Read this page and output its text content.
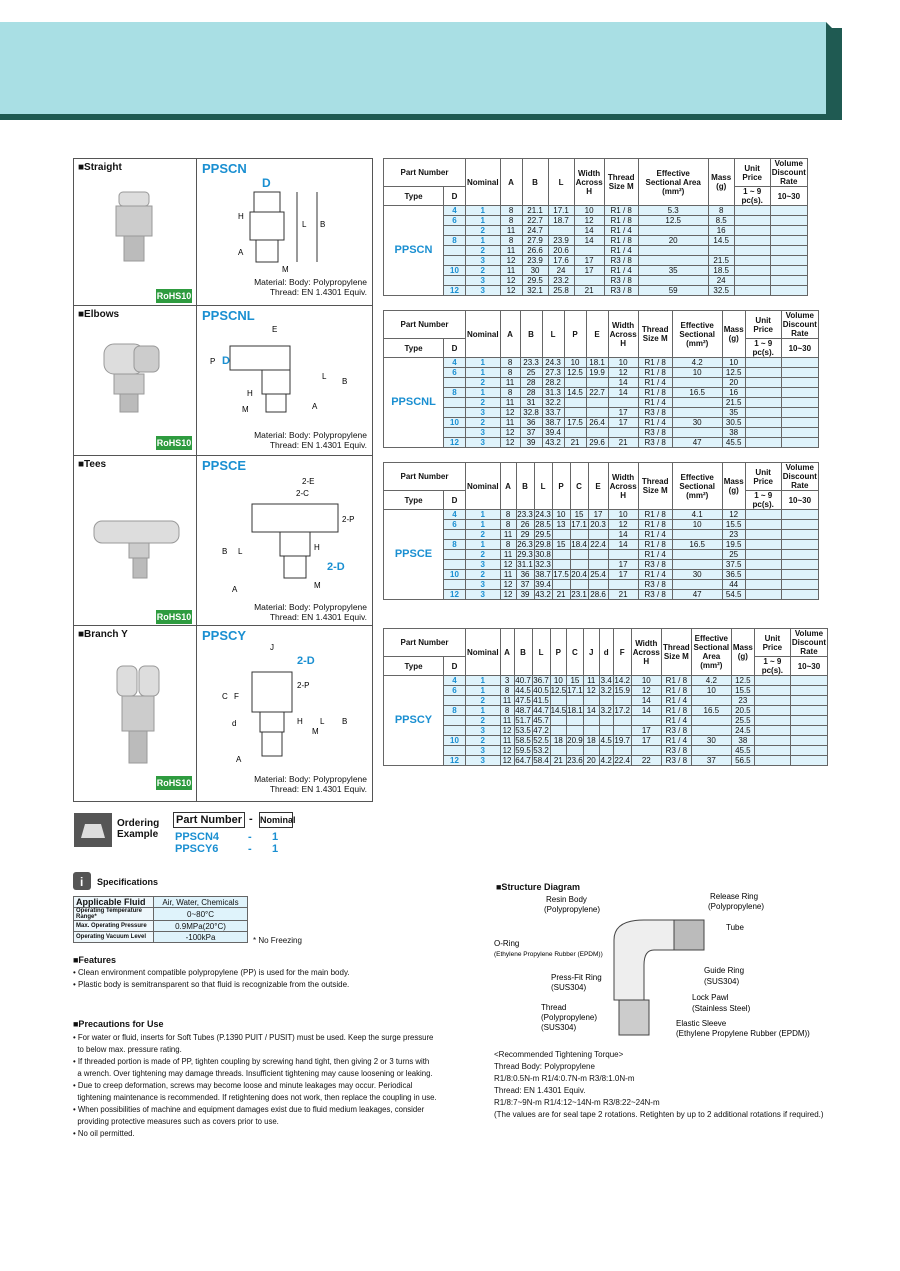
■Straight	PPSCN
D
L B
H
A
M
Material: Body: Polypropylene
Thread: EN 1.4301 Equiv.
RoHS10
■Elbows	PPSCNL
E
P D
L
B
H
A
M
Material: Body: Polypropylene
Thread: EN 1.4301 Equiv.
RoHS10
■Tees	PPSCE
2-E
2-C
2-P
B L	H
2-D
A	M
Material: Body: Polypropylene
Thread: EN 1.4301 Equiv.
RoHS10
■Branch Y	PPSCY
J
2-D
2-P
C F
d	H
M
L B
A
Material: Body: Polypropylene
Thread: EN 1.4301 Equiv.
RoHS10
Part Number		Nominal	A	B	L	Width Across H	Thread Size M	Effective Sectional Area (mm²)	Mass (g)	Unit Price	Volume Discount Rate
Type	D									1 ~ 9 pc(s).	10~30
PPSCN	4	1	8	21.1	17.1	10	R1 / 8	5.3	8		
	6	1	8	22.7	18.7	12	R1 / 8	12.5	8.5		
		2	11	24.7		14	R1 / 4		16		
	8	1	8	27.9	23.9	14	R1 / 8	20	14.5		
		2	11	26.6	20.6		R1 / 4				
		3	12	23.9	17.6	17	R3 / 8		21.5		
	10	2	11	30	24	17	R1 / 4	35	18.5		
		3	12	29.5	23.2		R3 / 8		24		
	12	3	12	32.1	25.8	21	R3 / 8	59	32.5		
Part Number		Nominal	A	B	L	P	E	Width Across H	Thread Size M	Effective Sectional (mm²)	Mass (g)	Unit Price	Volume Discount Rate
Type	D											1 ~ 9 pc(s).	10~30
PPSCNL	4	1	8	23.3	24.3	10	18.1	10	R1 / 8	4.2	10		
	6	1	8	25	27.3	12.5	19.9	12	R1 / 8	10	12.5		
		2	11	28	28.2			14	R1 / 4		20		
	8	1	8	28	31.3	14.5	22.7	14	R1 / 8	16.5	16		
		2	11	31	32.2				R1 / 4		21.5		
		3	12	32.8	33.7			17	R3 / 8		35		
	10	2	11	36	38.7	17.5	26.4	17	R1 / 4	30	30.5		
		3	12	37	39.4				R3 / 8		38		
	12	3	12	39	43.2	21	29.6	21	R3 / 8	47	45.5		
Part Number		Nominal	A	B	L	P	C	E	Width Across H	Thread Size M	Effective Sectional (mm²)	Mass (g)	Unit Price	Volume Discount Rate
Type	D												1 ~ 9 pc(s).	10~30
PPSCE	4	1	8	23.3	24.3	10	15	17	10	R1 / 8	4.1	12		
	6	1	8	26	28.5	13	17.1	20.3	12	R1 / 8	10	15.5		
		2	11	29	29.5				14	R1 / 4		23		
	8	1	8	26.3	29.8	15	18.4	22.4	14	R1 / 8	16.5	19.5		
		2	11	29.3	30.8					R1 / 4		25		
		3	12	31.1	32.3				17	R3 / 8		37.5		
	10	2	11	36	38.7	17.5	20.4	25.4	17	R1 / 4	30	36.5		
		3	12	37	39.4					R3 / 8		44		
	12	3	12	39	43.2	21	23.1	28.6	21	R3 / 8	47	54.5		
Part Number		Nominal	A	B	L	P	C	J	d	F	Width Across H	Thread Size M	Effective Sectional Area (mm²)	Mass (g)	Unit Price	Volume Discount Rate
Type	D														1 ~ 9 pc(s).	10~30
PPSCY	4	1	3	40.7	36.7	10	15	11	3.4	14.2	10	R1 / 8	4.2	12.5		
	6	1	8	44.5	40.5	12.5	17.1	12	3.2	15.9	12	R1 / 8	10	15.5		
		2	11	47.5	41.5						14	R1 / 4		23		
	8	1	8	48.7	44.7	14.5	18.1	14	3.2	17.2	14	R1 / 8	16.5	20.5		
		2	11	51.7	45.7							R1 / 4		25.5		
		3	12	53.5	47.2						17	R3 / 8		24.5		
	10	2	11	58.5	52.5	18	20.9	18	4.5	19.7	17	R1 / 4	30	38		
		3	12	59.5	53.2							R3 / 8		45.5		
	12	3	12	64.7	58.4	21	23.6	20	4.2	22.4	22	R3 / 8	37	56.5		
Ordering
Example
Part Number - Nominal
PPSCN4	- 1
PPSCY6	- 1
i Specifications
Applicable Fluid	Air, Water, Chemicals
Operating Temperature Range*	0~80°C
Max. Operating Pressure	0.9MPa(20°C)
Operating Vacuum Level	-100kPa	* No Freezing
■Features
• Clean environment compatible polypropylene (PP) is used for the main body.
• Plastic body is semitransparent so that fluid is recognizable from the outside.
■Precautions for Use
• For water or fluid, inserts for Soft Tubes (P.1390 PUIT / PUSIT) must be used. Keep the surge pressure
to below max. pressure rating.
• If threaded portion is made of PP, tighten coupling by screwing hand tight, then giving 2 or 3 turns with
a wrench. Over tightening may damage threads. Insufficient tightening may cause loosening or leaking.
• Due to creep deformation, screws may become loose and minute leakages may occur. Periodical
tightening maintenance is recommended. If retightening does not work, then replace the coupling in use.
• When possibilities of machine and equipment damages exist due to fluid medium leakages, consider
providing protective measures such as covers prior to use.
• No oil permitted.
■Structure Diagram
Resin Body
(Polypropylene)
Release Ring
(Polypropylene)
Tube
O-Ring
(Ethylene Propylene Rubber (EPDM))
Guide Ring
(SUS304)
Press-Fit Ring
(SUS304)
Lock Pawl
(Stainless Steel)
Thread
(Polypropylene)
(SUS304)	Elastic Sleeve
(Ethylene Propylene Rubber (EPDM))
<Recommended Tightening Torque>
Thread Body: Polypropylene
R1/8:0.5N-m R1/4:0.7N-m R3/8:1.0N-m
Thread: EN 1.4301 Equiv.
R1/8:7~9N-m R1/4:12~14N-m R3/8:22~24N-m
(The values are for seal tape 2 rotations. Retighten by up to 2 additional rotations if required.)
